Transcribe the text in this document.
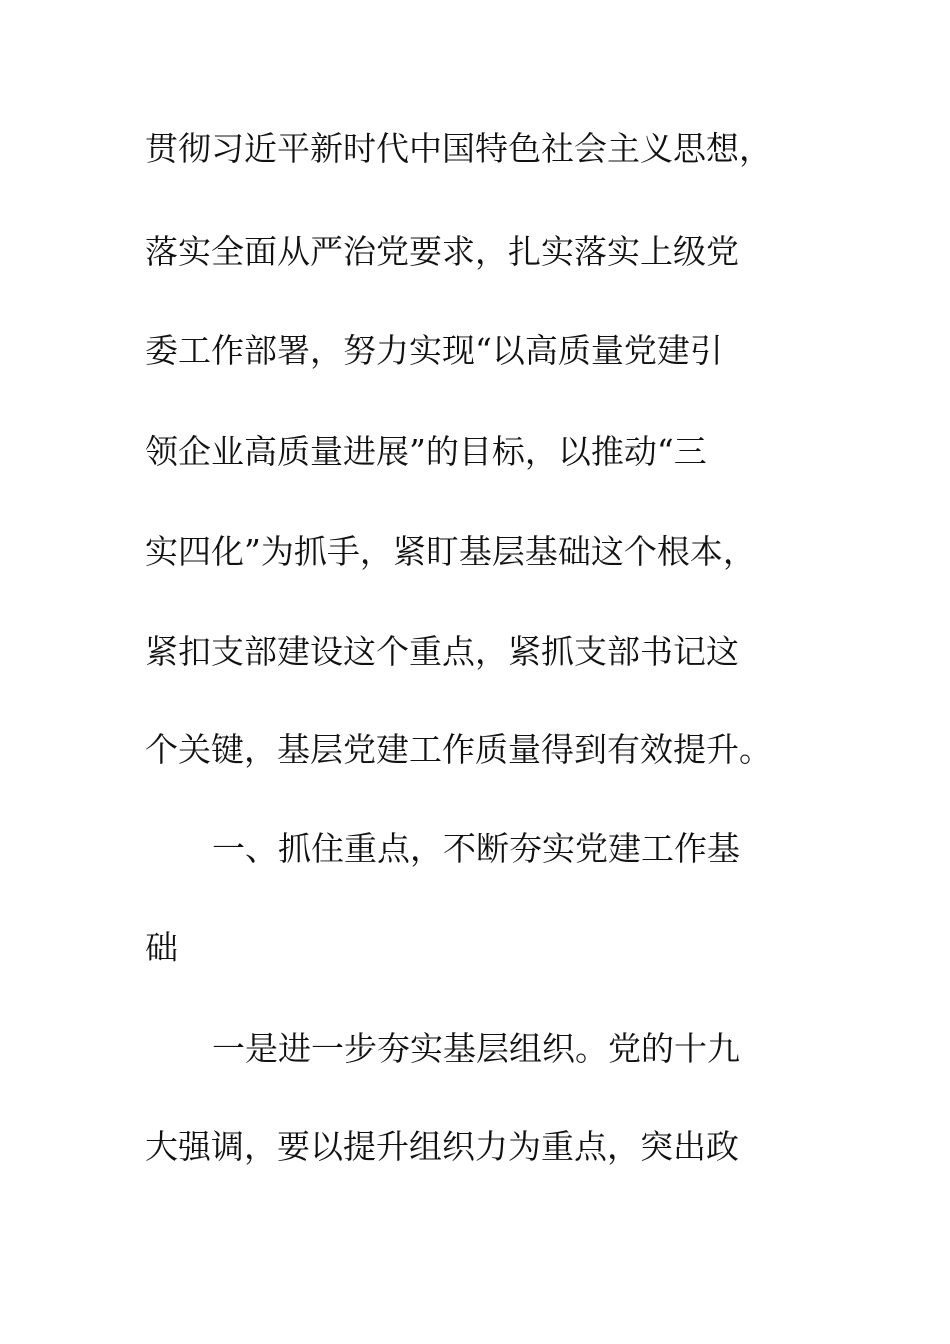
贯彻习近平新时代中国特色社会主义思想，
落实全面从严治党要求，扎实落实上级党
委工作部署，努力实现“以高质量党建引
领企业高质量进展”的目标，以推动“三
实四化”为抓手，紧盯基层基础这个根本，
紧扣支部建设这个重点，紧抓支部书记这
个关键，基层党建工作质量得到有效提升。
一、抓住重点，不断夯实党建工作基
础
一是进一步夯实基层组织。党的十九
大强调，要以提升组织力为重点，突出政
